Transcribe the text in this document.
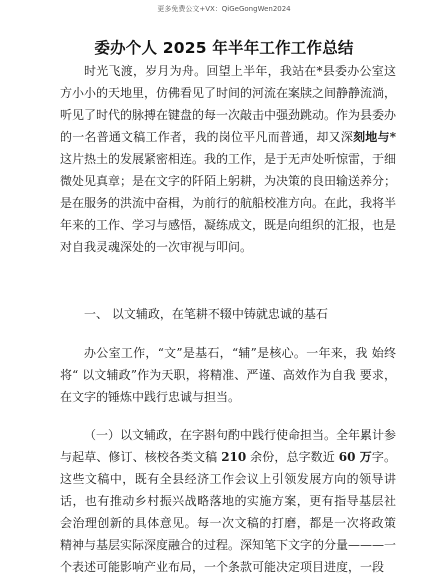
更多免费公文+VX：QiGeGongWen2024
委办个人 2025 年半年工作工作总结

时光飞渡，岁月为舟。回望上半年，我站在*县委办公室这方小小的天地里，仿佛看见了时间的河流在案牍之间静静流淌，听见了时代的脉搏在键盘的每一次敲击中强劲跳动。作为县委办的一名普通文稿工作者，我的岗位平凡而普通，却又深刻地与*这片热土的发展紧密相连。我的工作，是于无声处听惊雷，于细微处见真章；是在文字的阡陌上躬耕，为决策的良田输送养分；是在服务的洪流中奋楫，为前行的航船校准方向。在此，我将半年来的工作、学习与感悟，凝练成文，既是向组织的汇报，也是对自我灵魂深处的一次审视与叩问。

一、 以文辅政，在笔耕不辍中铸就忠诚的基石

办公室工作，“文”是基石，“辅”是核心。一年来，我 始终将“ 以文辅政”作为天职，将精准、严谨、高效作为自我 要求，在文字的锤炼中践行忠诚与担当。

（一）以文辅政，在字斟句酌中践行使命担当。全年累计参与起草、修订、核校各类文稿 210 余份，总字数近 60 万字。这些文稿中，既有全县经济工作会议上引领发展方向的领导讲 话，也有推动乡村振兴战略落地的实施方案，更有指导基层社 会治理创新的具体意见。每一次文稿的打磨，都是一次将政策 精神与基层实际深度融合的过程。深知笔下文字的分量———一 个表述可能影响产业布局，一个条款可能决定项目进度，一段
